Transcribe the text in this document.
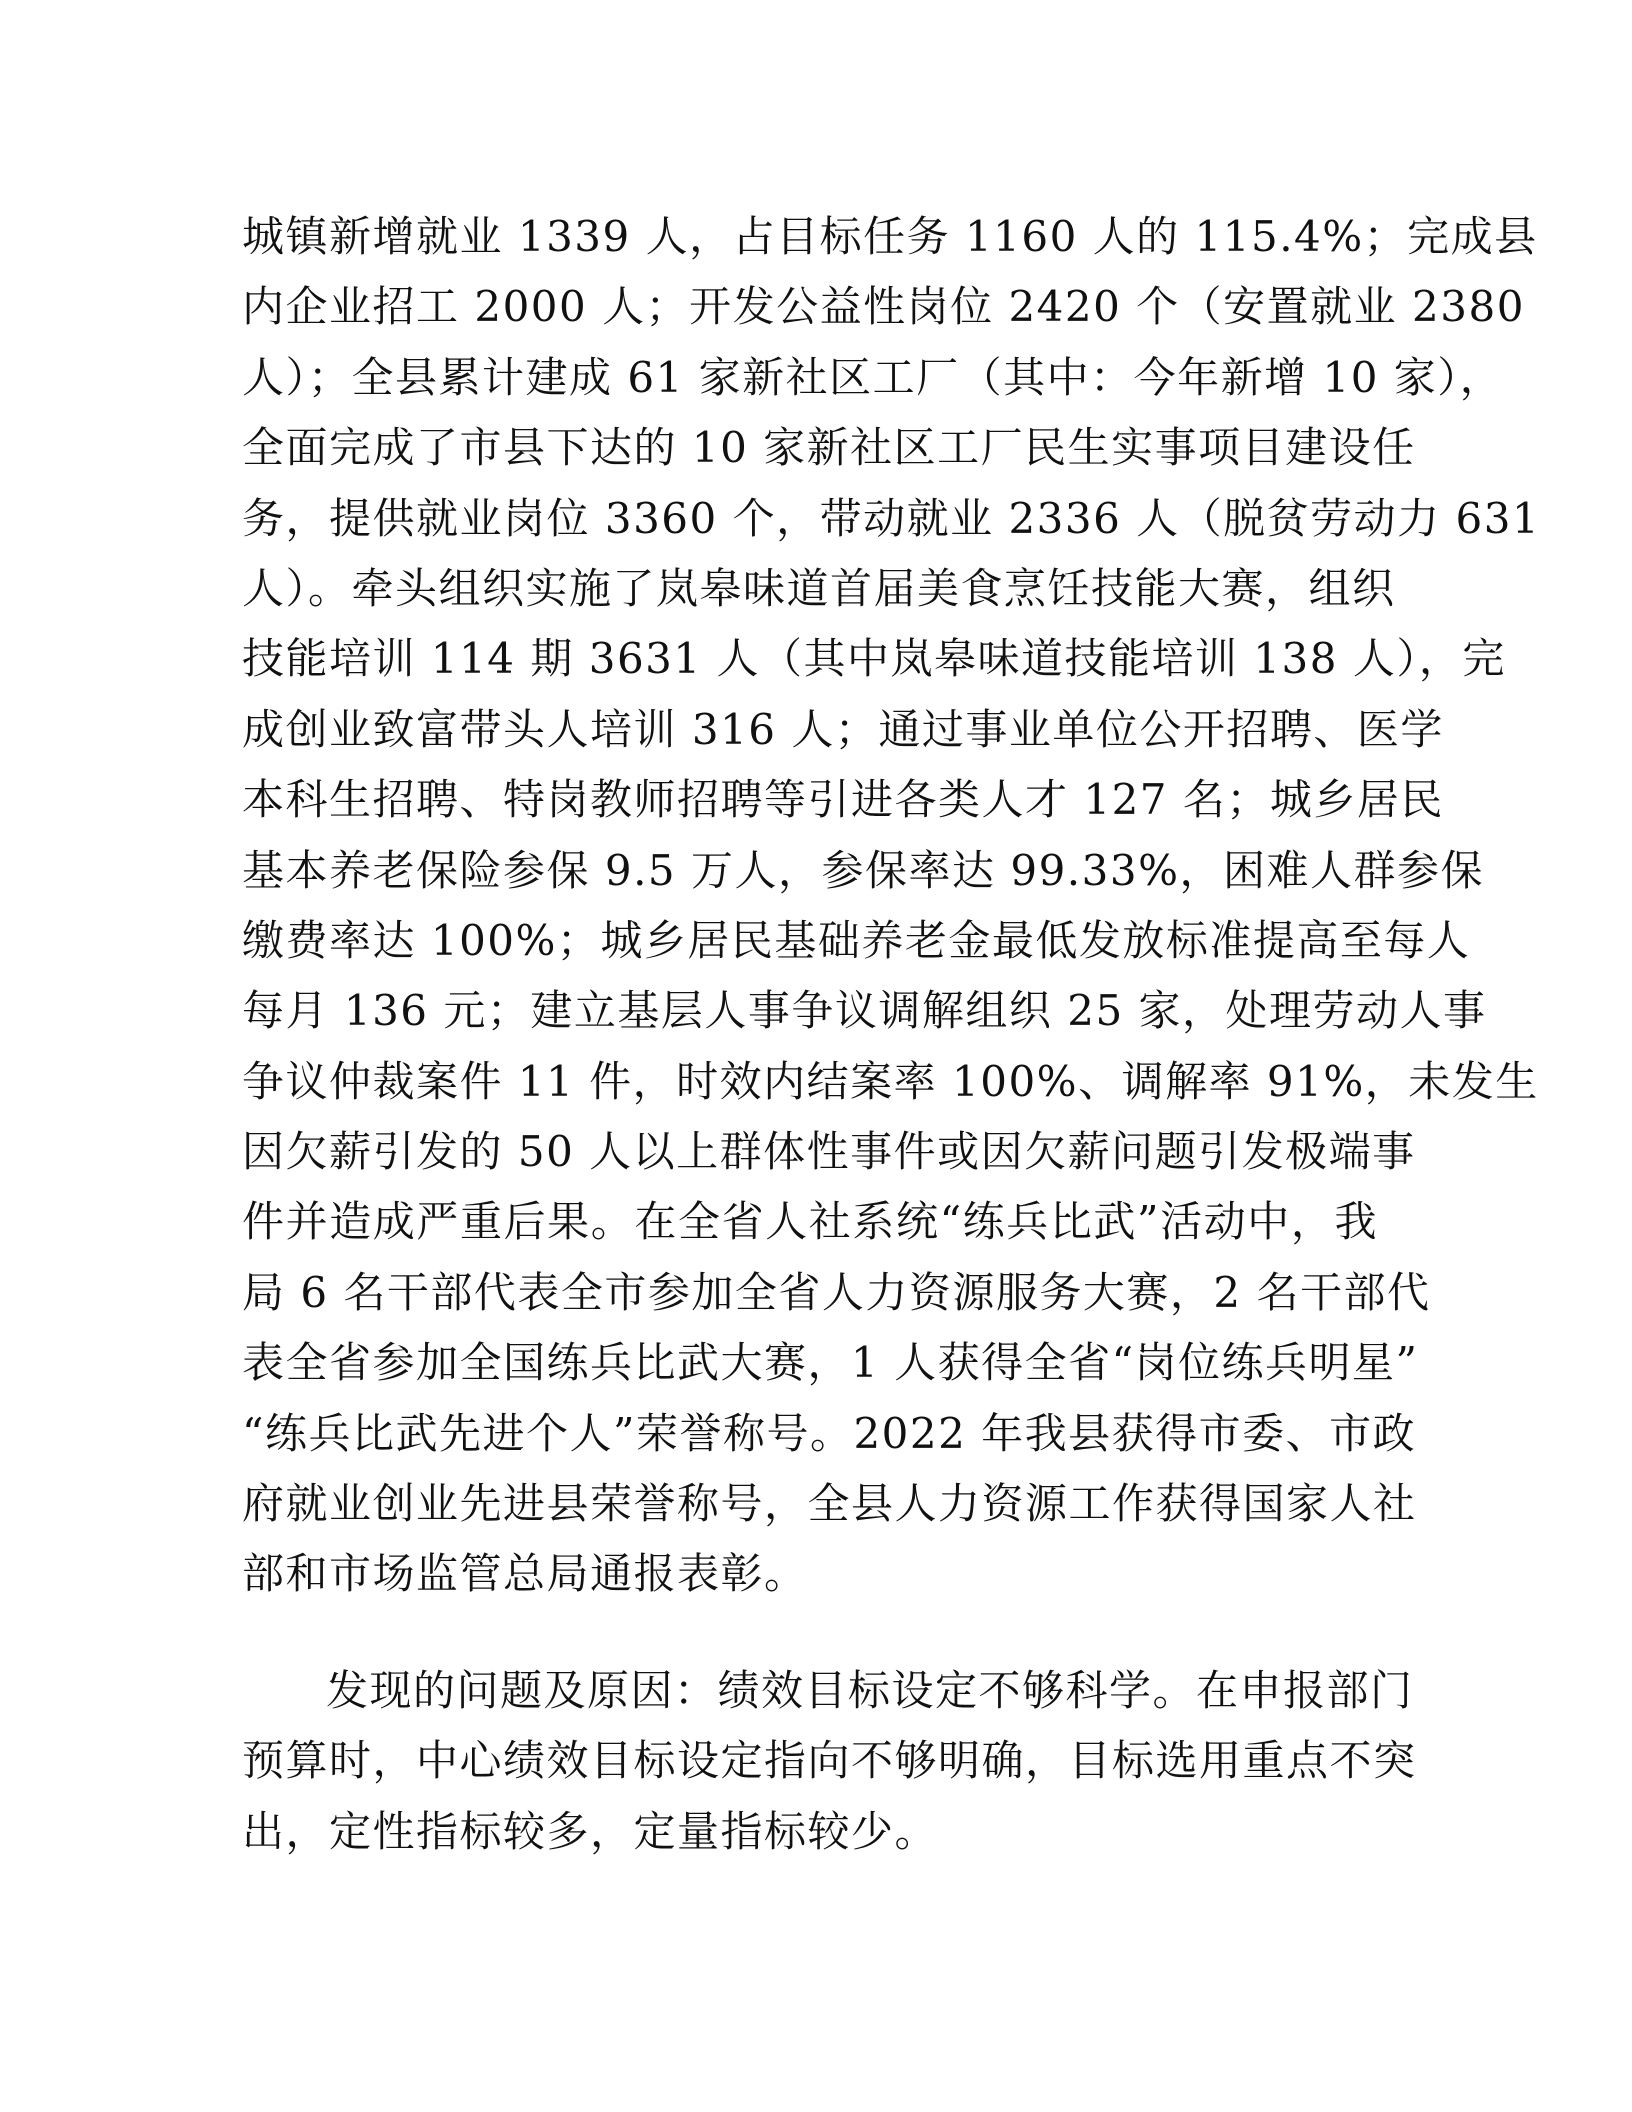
城镇新增就业 1339 人，占目标任务 1160 人的 115.4%；完成县
内企业招工 2000 人；开发公益性岗位 2420 个（安置就业 2380
人）；全县累计建成 61 家新社区工厂（其中：今年新增 10 家），
全面完成了市县下达的 10 家新社区工厂民生实事项目建设任
务，提供就业岗位 3360 个，带动就业 2336 人（脱贫劳动力 631
人）。牵头组织实施了岚皋味道首届美食烹饪技能大赛，组织
技能培训 114 期 3631 人（其中岚皋味道技能培训 138 人），完
成创业致富带头人培训 316 人；通过事业单位公开招聘、医学
本科生招聘、特岗教师招聘等引进各类人才 127 名；城乡居民
基本养老保险参保 9.5 万人，参保率达 99.33%，困难人群参保
缴费率达 100%；城乡居民基础养老金最低发放标准提高至每人
每月 136 元；建立基层人事争议调解组织 25 家，处理劳动人事
争议仲裁案件 11 件，时效内结案率 100%、调解率 91%，未发生
因欠薪引发的 50 人以上群体性事件或因欠薪问题引发极端事
件并造成严重后果。在全省人社系统“练兵比武”活动中，我
局 6 名干部代表全市参加全省人力资源服务大赛，2 名干部代
表全省参加全国练兵比武大赛，1 人获得全省“岗位练兵明星”
“练兵比武先进个人”荣誉称号。2022 年我县获得市委、市政
府就业创业先进县荣誉称号，全县人力资源工作获得国家人社
部和市场监管总局通报表彰。
发现的问题及原因：绩效目标设定不够科学。在申报部门
预算时，中心绩效目标设定指向不够明确，目标选用重点不突
出，定性指标较多，定量指标较少。
